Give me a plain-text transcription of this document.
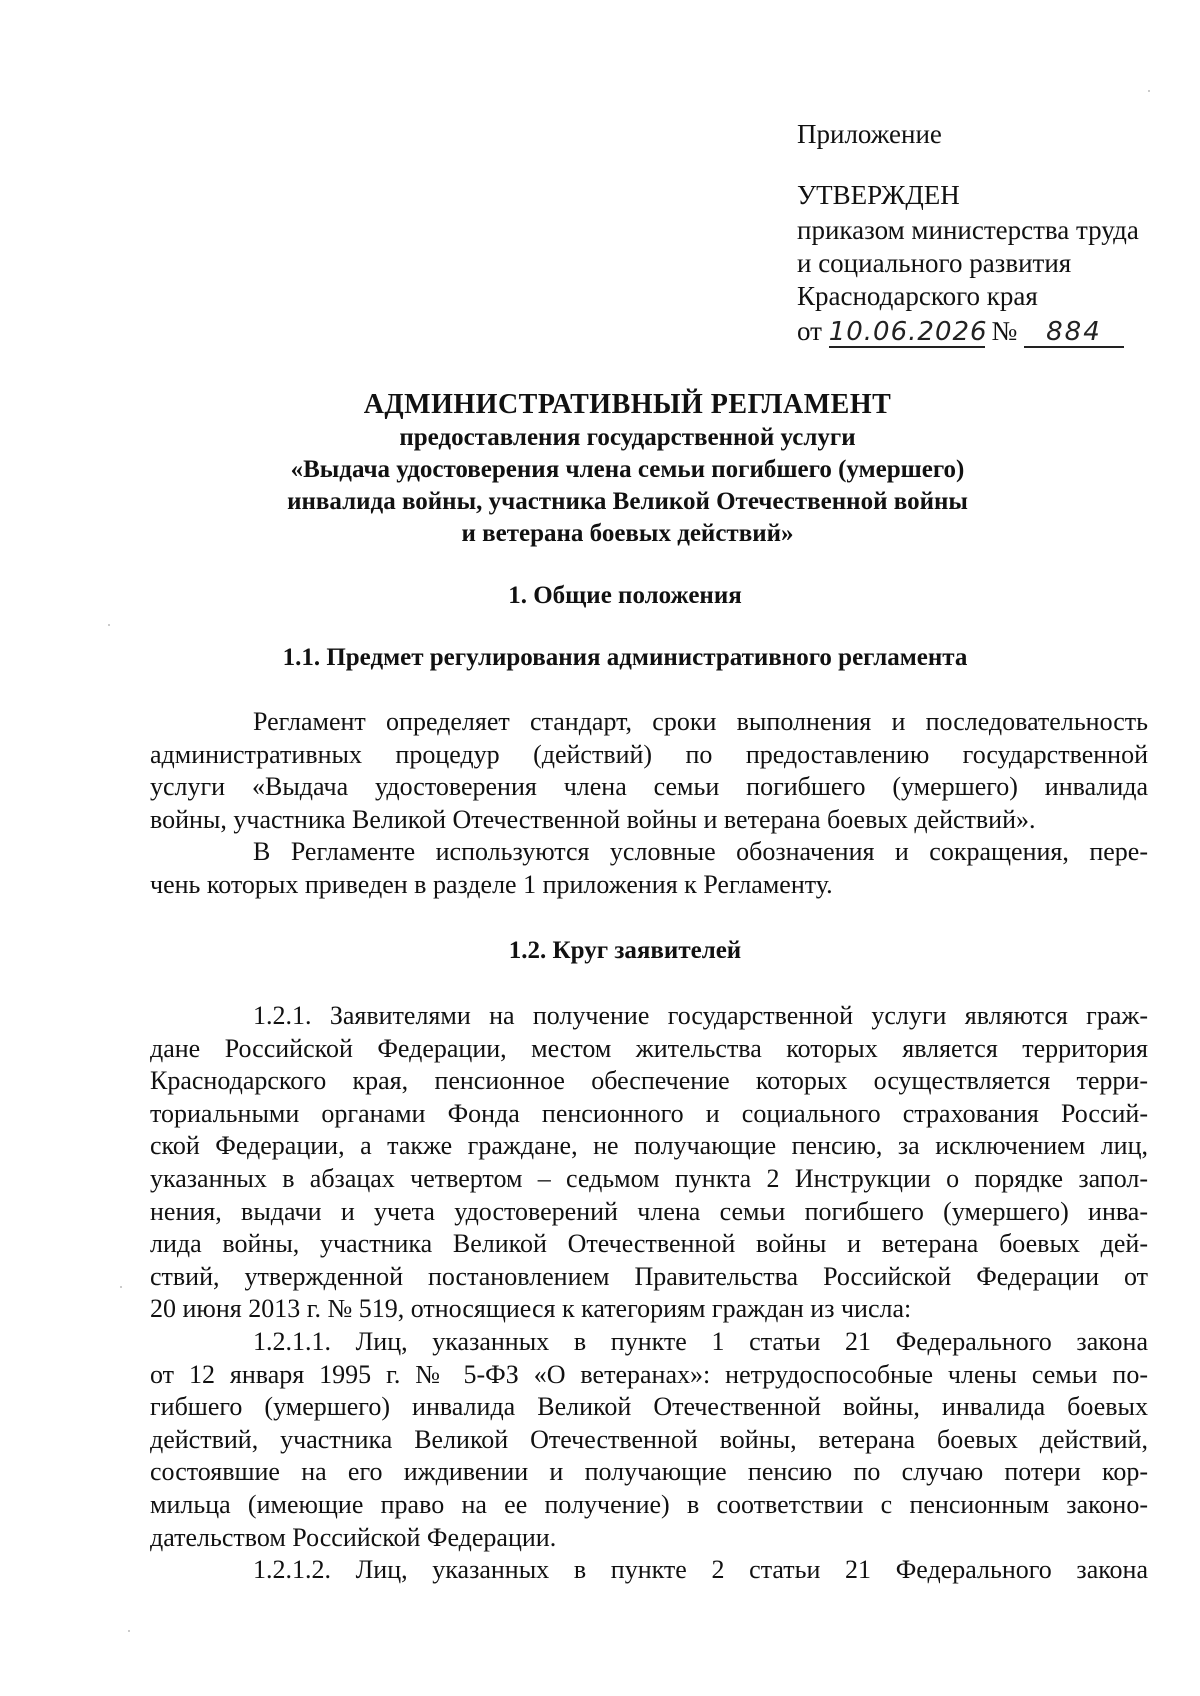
Приложение
УТВЕРЖДЕН
приказом министерства труда
и социального развития
Краснодарского края
от 10.06.2026 № 884
АДМИНИСТРАТИВНЫЙ РЕГЛАМЕНТ
предоставления государственной услуги
«Выдача удостоверения члена семьи погибшего (умершего)
инвалида войны, участника Великой Отечественной войны
и ветерана боевых действий»
1. Общие положения
1.1. Предмет регулирования административного регламента
Регламент определяет стандарт, сроки выполнения и последовательность
административных процедур (действий) по предоставлению государственной
услуги «Выдача удостоверения члена семьи погибшего (умершего) инвалида
войны, участника Великой Отечественной войны и ветерана боевых действий».
В Регламенте используются условные обозначения и сокращения, пере-
чень которых приведен в разделе 1 приложения к Регламенту.
1.2. Круг заявителей
1.2.1. Заявителями на получение государственной услуги являются граж-
дане Российской Федерации, местом жительства которых является территория
Краснодарского края, пенсионное обеспечение которых осуществляется терри-
ториальными органами Фонда пенсионного и социального страхования Россий-
ской Федерации, а также граждане, не получающие пенсию, за исключением лиц,
указанных в абзацах четвертом – седьмом пункта 2 Инструкции о порядке запол-
нения, выдачи и учета удостоверений члена семьи погибшего (умершего) инва-
лида войны, участника Великой Отечественной войны и ветерана боевых дей-
ствий, утвержденной постановлением Правительства Российской Федерации от
20 июня 2013 г. № 519, относящиеся к категориям граждан из числа:
1.2.1.1. Лиц, указанных в пункте 1 статьи 21 Федерального закона
от 12 января 1995 г. № 5-ФЗ «О ветеранах»: нетрудоспособные члены семьи по-
гибшего (умершего) инвалида Великой Отечественной войны, инвалида боевых
действий, участника Великой Отечественной войны, ветерана боевых действий,
состоявшие на его иждивении и получающие пенсию по случаю потери кор-
мильца (имеющие право на ее получение) в соответствии с пенсионным законо-
дательством Российской Федерации.
1.2.1.2. Лиц, указанных в пункте 2 статьи 21 Федерального закона
